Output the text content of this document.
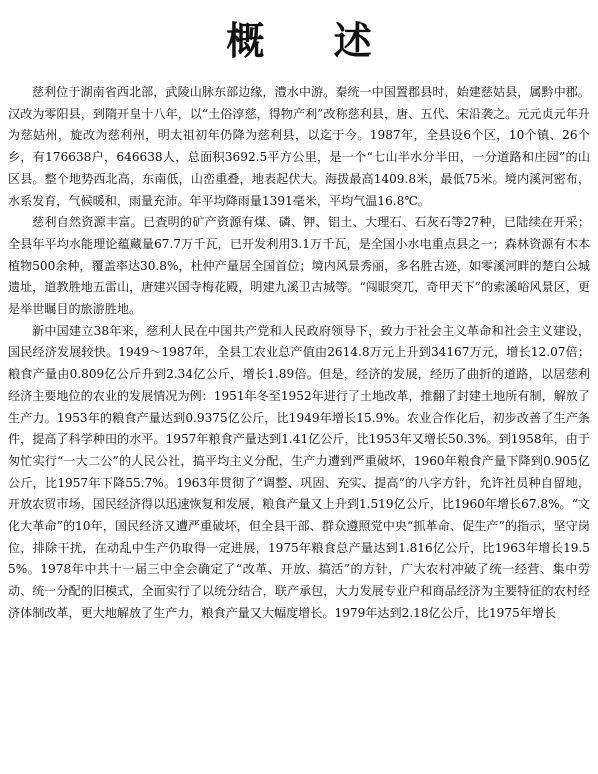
概 述

慈利位于湖南省西北部，武陵山脉东部边缘，澧水中游。秦统一中国置郡县时，始建慈姑县，属黔中郡。汉改为零阳县，到隋开皇十八年，以“土俗淳慈，得物产利”改称慈利县，唐、五代、宋沿袭之。元元贞元年升为慈姑州，旋改为慈利州，明太祖初年仍降为慈利县，以迄于今。1987年，全县设6个区，10个镇、26个乡，有176638户，646638人，总面积3692.5平方公里，是一个“七山半水分半田，一分道路和庄园”的山区县。整个地势西北高，东南低，山峦重叠，地表起伏大。海拔最高1409.8米，最低75米。境内溪河密布，水系发育，气候暖和，雨量充沛。年平均降雨量1391毫米，平均气温16.8℃。

慈利自然资源丰富。已查明的矿产资源有煤、磷、钾、铝土、大理石、石灰石等27种，已陆续在开采；全县年平均水能理论蕴藏量67.7万千瓦，已开发利用3.1万千瓦，是全国小水电重点县之一；森林资源有木本植物500余种，覆盖率达30.8%，杜仲产量居全国首位；境内风景秀丽，多名胜古迹，如零溪河畔的楚白公城遗址，道教胜地五雷山，唐建兴国寺梅花殿，明建九溪卫古城等。“闯眼突兀，奇甲天下”的索溪峪风景区，更是举世瞩目的旅游胜地。

新中国建立38年来，慈利人民在中国共产党和人民政府领导下，致力于社会主义革命和社会主义建设，国民经济发展较快。1949～1987年，全县工农业总产值由2614.8万元上升到34167万元，增长12.07倍；粮食产量由0.809亿公斤升到2.34亿公斤，增长1.89倍。但是，经济的发展，经历了曲折的道路，以居慈利经济主要地位的农业的发展情况为例：1951年冬至1952年进行了土地改革，推翻了封建土地所有制，解放了生产力。1953年的粮食产量达到0.9375亿公斤，比1949年增长15.9%。农业合作化后，初步改善了生产条件，提高了科学种田的水平。1957年粮食产量达到1.41亿公斤，比1953年又增长50.3%。到1958年，由于匆忙实行“一大二公”的人民公社，搞平均主义分配，生产力遭到严重破坏，1960年粮食产量下降到0.905亿公斤，比1957年下降55.7%。1963年贯彻了“调整、巩固、充实、提高”的八字方针，允许社员种自留地，开放农贸市场，国民经济得以迅速恢复和发展，粮食产量又上升到1.519亿公斤，比1960年增长67.8%。“文化大革命”的10年，国民经济又遭严重破坏，但全县干部、群众遵照党中央“抓革命、促生产”的指示，坚守岗位，排除干扰，在动乱中生产仍取得一定进展，1975年粮食总产量达到1.816亿公斤，比1963年增长19.55%。1978年中共十一届三中全会确定了“改革、开放、搞活”的方针，广大农村冲破了统一经营、集中劳动、统一分配的旧模式，全面实行了以统分结合，联产承包，大力发展专业户和商品经济为主要特征的农村经济体制改革，更大地解放了生产力，粮食产量又大幅度增长。1979年达到2.18亿公斤，比1975年增长
